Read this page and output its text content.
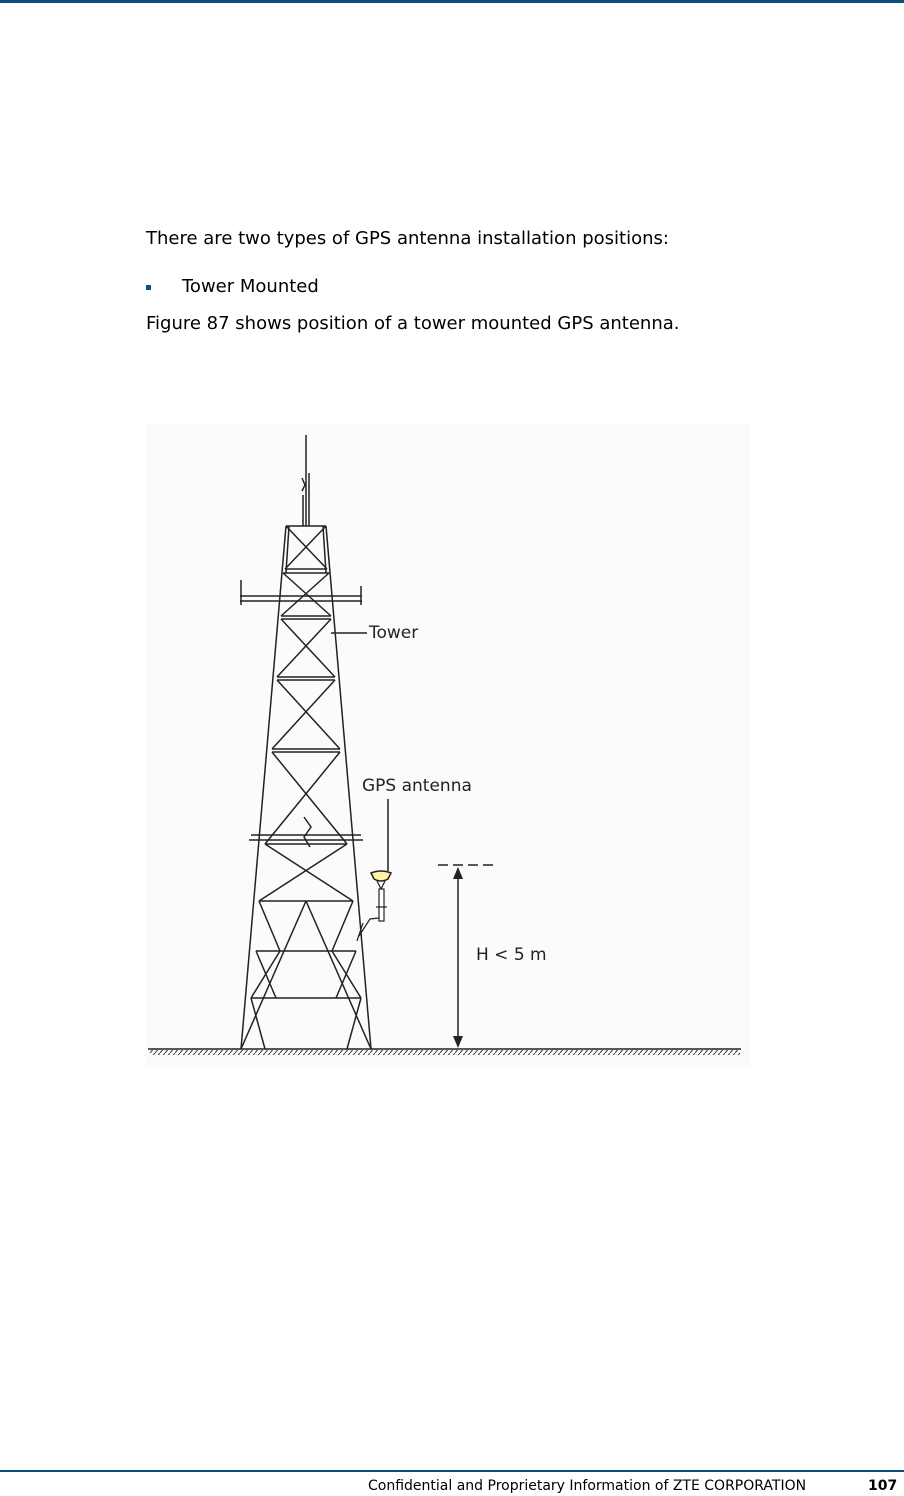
There are two types of GPS antenna installation positions:

Tower Mounted
Figure 87 shows position of a tower mounted GPS antenna.
Tower
GPS antenna
H < 5 m
Confidential and Proprietary Information of ZTE CORPORATION	107
